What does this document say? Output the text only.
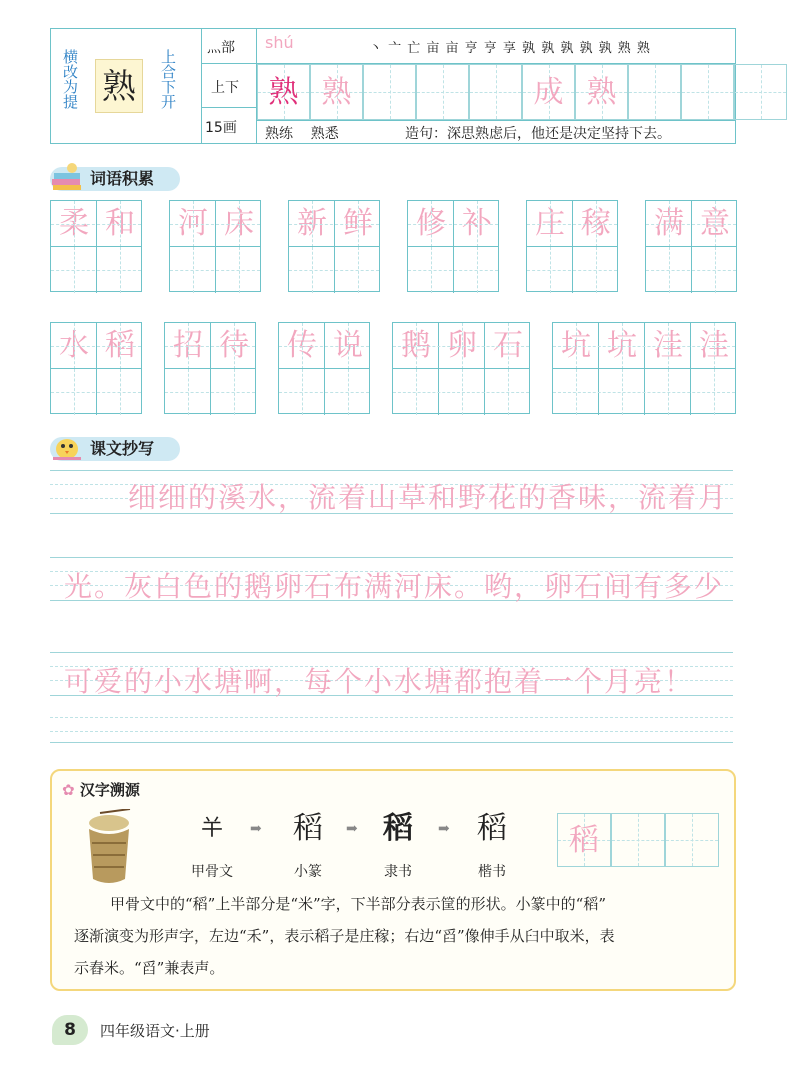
横改为提	上合下开
熟
灬部
上下
15画
shú	丶 亠 亡 亩 亩 亨 亨 享 孰 孰 孰 孰 孰 熟 熟
熟 熟	成 熟
熟练    熟悉	造句：深思熟虑后，他还是决定坚持下去。
词语积累
柔 和 河 床 新 鲜 修 补 庄 稼 满 意
水 稻 招 待 传 说 鹅 卵 石 坑 坑 洼 洼
课文抄写
细细的溪水，流着山草和野花的香味，流着月
光。灰白色的鹅卵石布满河床。哟，卵石间有多少
可爱的小水塘啊，每个小水塘都抱着一个月亮！
✿ 汉字溯源
𢆉
甲骨文
➡	稻
小篆
➡ 稻
隶书
➡ 稻
楷书
稻
甲骨文中的“稻”上半部分是“米”字，下半部分表示筐的形状。小篆中的“稻”
逐渐演变为形声字，左边“禾”，表示稻子是庄稼；右边“舀”像伸手从臼中取米，表
示舂米。“舀”兼表声。
8	四年级语文·上册
